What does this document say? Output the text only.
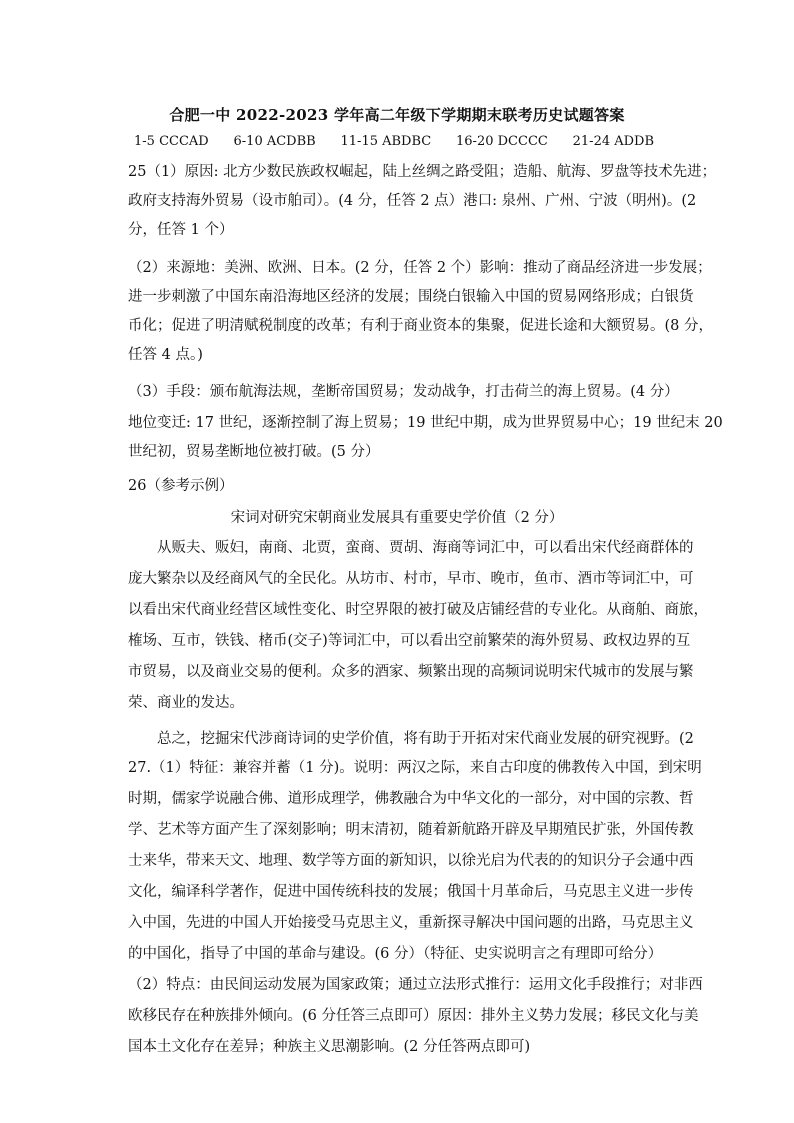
合肥一中 2022-2023 学年高二年级下学期期末联考历史试题答案
1-5 CCCAD      6-10 ACDBB      11-15 ABDBC      16-20 DCCCC      21-24 ADDB
25（1）原因: 北方少数民族政权崛起，陆上丝绸之路受阻；造船、航海、罗盘等技术先进；
政府支持海外贸易（设市舶司）。(4 分，任答 2 点）港口: 泉州、广州、宁波（明州)。(2
分，任答 1 个）
（2）来源地：美洲、欧洲、日本。(2 分，任答 2 个）影响：推动了商品经济进一步发展；
进一步刺激了中国东南沿海地区经济的发展；围绕白银输入中国的贸易网络形成；白银货
币化；促进了明清赋税制度的改革；有利于商业资本的集聚，促进长途和大额贸易。(8 分，
任答 4 点。)
（3）手段：颁布航海法规，垄断帝国贸易；发动战争，打击荷兰的海上贸易。(4 分）
地位变迁: 17 世纪，逐渐控制了海上贸易；19 世纪中期，成为世界贸易中心；19 世纪末 20
世纪初，贸易垄断地位被打破。(5 分）
26（参考示例）
宋词对研究宋朝商业发展具有重要史学价值（2 分）
　　从贩夫、贩妇，南商、北贾，蛮商、贾胡、海商等词汇中，可以看出宋代经商群体的
庞大繁杂以及经商风气的全民化。从坊市、村市，早市、晚市，鱼市、酒市等词汇中，可
以看出宋代商业经营区域性变化、时空界限的被打破及店铺经营的专业化。从商舶、商旅，
榷场、互市，铁钱、楮币(交子)等词汇中，可以看出空前繁荣的海外贸易、政权边界的互
市贸易，以及商业交易的便利。众多的酒家、频繁出现的高频词说明宋代城市的发展与繁
荣、商业的发达。
　　总之，挖掘宋代涉商诗词的史学价值，将有助于开拓对宋代商业发展的研究视野。(2
27.（1）特征：兼容并蓄（1 分)。说明：两汉之际，来自古印度的佛教传入中国，到宋明
时期，儒家学说融合佛、道形成理学，佛教融合为中华文化的一部分，对中国的宗教、哲
学、艺术等方面产生了深刻影响；明末清初，随着新航路开辟及早期殖民扩张，外国传教
士来华，带来天文、地理、数学等方面的新知识，以徐光启为代表的的知识分子会通中西
文化，编译科学著作，促进中国传统科技的发展；俄国十月革命后，马克思主义进一步传
入中国，先进的中国人开始接受马克思主义，重新探寻解决中国问题的出路，马克思主义
的中国化，指导了中国的革命与建设。(6 分）（特征、史实说明言之有理即可给分）
（2）特点：由民间运动发展为国家政策；通过立法形式推行：运用文化手段推行；对非西
欧移民存在种族排外倾向。(6 分任答三点即可）原因：排外主义势力发展；移民文化与美
国本土文化存在差异；种族主义思潮影响。(2 分任答两点即可)
